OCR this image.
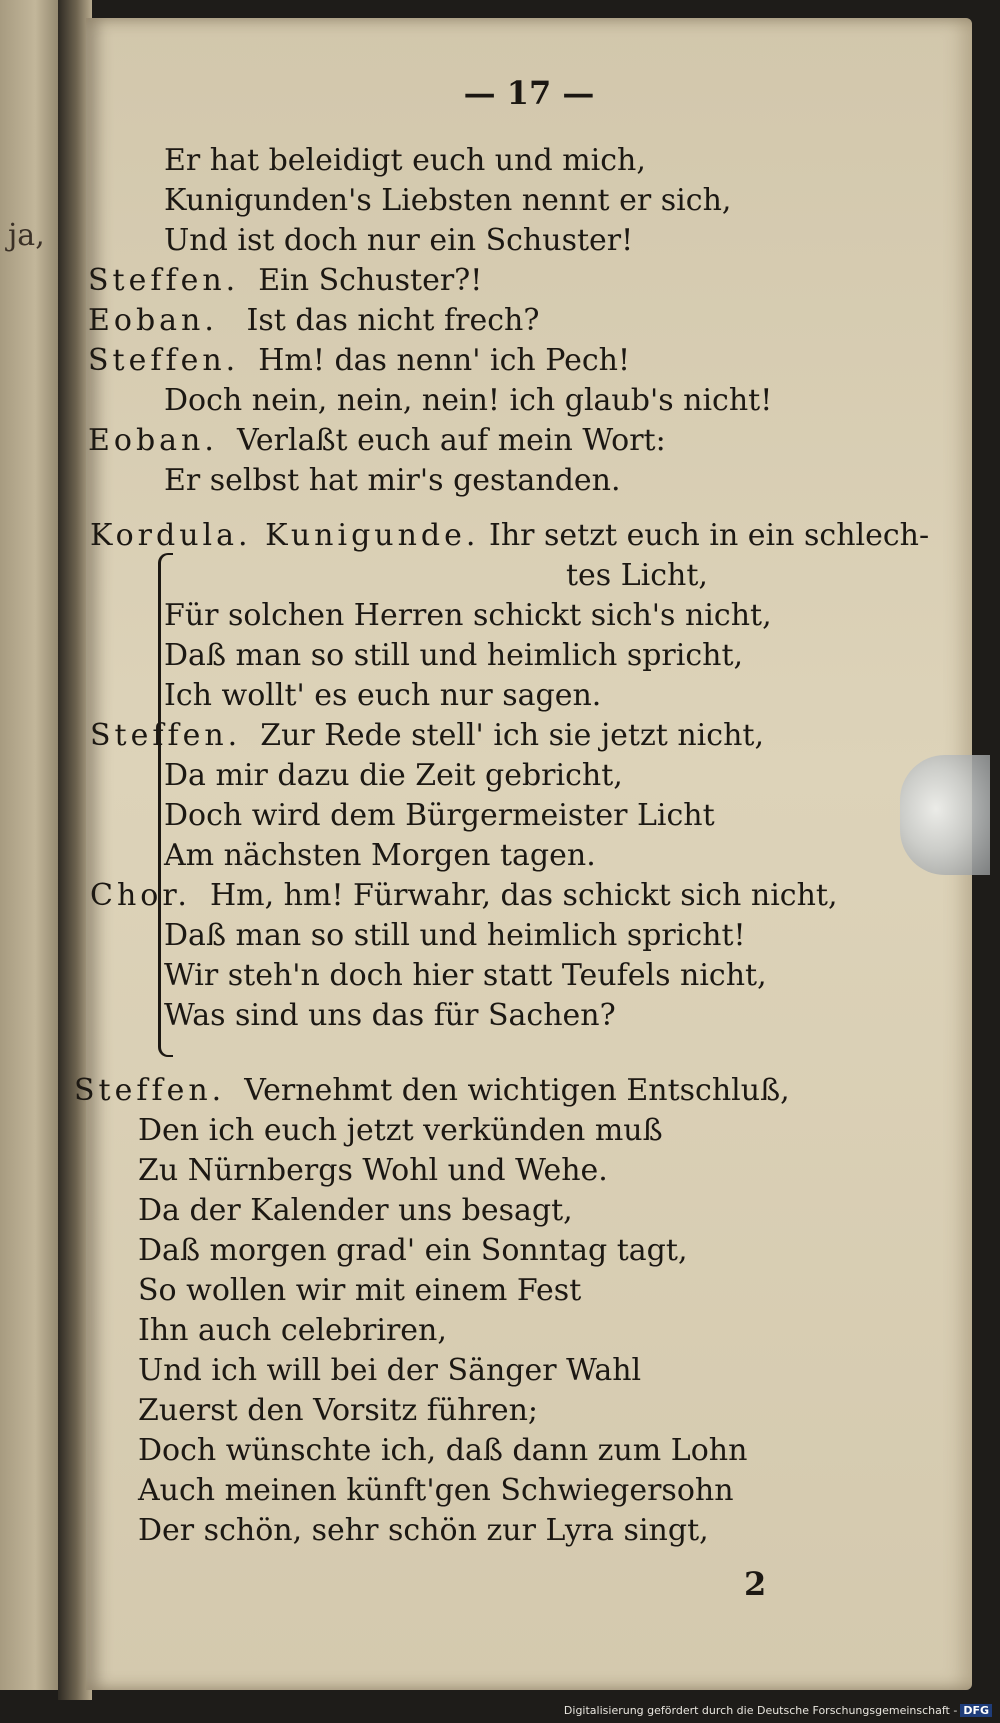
ja,
— 17 —
Er hat beleidigt euch und mich,
Kunigunden's Liebsten nennt er sich,
Und ist doch nur ein Schuster!
Steffen. Ein Schuster?!
Eoban. Ist das nicht frech?
Steffen. Hm! das nenn' ich Pech!
Doch nein, nein, nein! ich glaub's nicht!
Eoban. Verlaßt euch auf mein Wort:
Er selbst hat mir's gestanden.
Kordula. Kunigunde. Ihr setzt euch in ein schlech-
tes Licht,
Für solchen Herren schickt sich's nicht,
Daß man so still und heimlich spricht,
Ich wollt' es euch nur sagen.
Steffen. Zur Rede stell' ich sie jetzt nicht,
Da mir dazu die Zeit gebricht,
Doch wird dem Bürgermeister Licht
Am nächsten Morgen tagen.
Chor. Hm, hm! Fürwahr, das schickt sich nicht,
Daß man so still und heimlich spricht!
Wir steh'n doch hier statt Teufels nicht,
Was sind uns das für Sachen?
Steffen. Vernehmt den wichtigen Entschluß,
Den ich euch jetzt verkünden muß
Zu Nürnbergs Wohl und Wehe.
Da der Kalender uns besagt,
Daß morgen grad' ein Sonntag tagt,
So wollen wir mit einem Fest
Ihn auch celebriren,
Und ich will bei der Sänger Wahl
Zuerst den Vorsitz führen;
Doch wünschte ich, daß dann zum Lohn
Auch meinen künft'gen Schwiegersohn
Der schön, sehr schön zur Lyra singt,
2
Digitalisierung gefördert durch die Deutsche Forschungsgemeinschaft - DFG
